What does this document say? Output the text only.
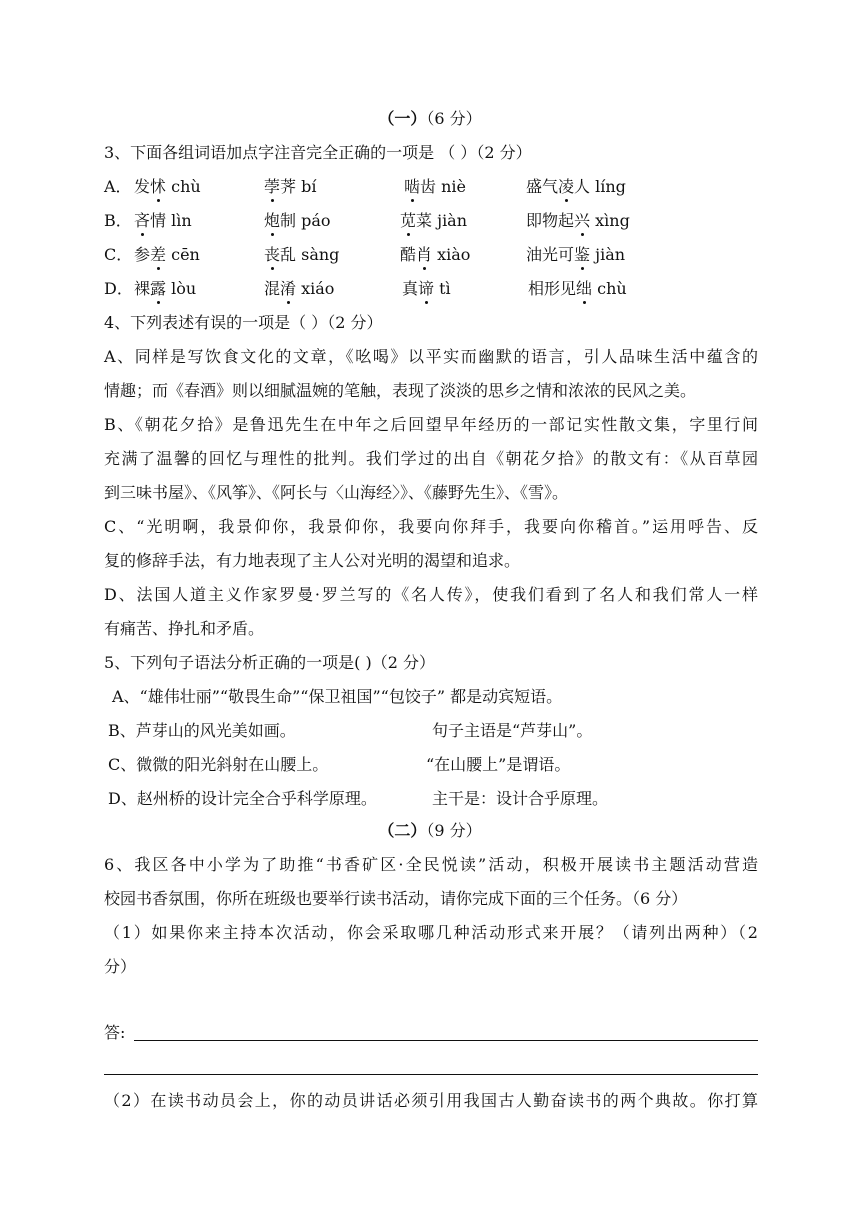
（一）（6 分）
3、下面各组词语加点字注音完全正确的一项是 （ ）（2 分）
A． 发怵 chù	荸荠 bí	啮齿 niè	盛气凌人 líng
B． 吝情 lìn	炮制 páo	苋菜 jiàn	即物起兴 xìng
C． 参差 cēn	丧乱 sàng	酷肖 xiào	油光可鉴 jiàn
D． 裸露 lòu	混淆 xiáo	真谛 tì	相形见绌 chù
4、下列表述有误的一项是（ ）（2 分）
A、同样是写饮食文化的文章，《吆喝》以平实而幽默的语言，引人品味生活中蕴含的
情趣；而《春酒》则以细腻温婉的笔触，表现了淡淡的思乡之情和浓浓的民风之美。
B、《朝花夕拾》是鲁迅先生在中年之后回望早年经历的一部记实性散文集，字里行间
充满了温馨的回忆与理性的批判。我们学过的出自《朝花夕拾》的散文有：《从百草园
到三味书屋》、《风筝》、《阿长与〈山海经〉》、《藤野先生》、《雪》。
C、“光明啊，我景仰你，我景仰你，我要向你拜手，我要向你稽首。”运用呼告、反
复的修辞手法，有力地表现了主人公对光明的渴望和追求。
D、法国人道主义作家罗曼·罗兰写的《名人传》，使我们看到了名人和我们常人一样
有痛苦、挣扎和矛盾。
5、下列句子语法分析正确的一项是( )（2 分）
A、“雄伟壮丽”“敬畏生命”“保卫祖国”“包饺子” 都是动宾短语。
B、芦芽山的风光美如画。	句子主语是“芦芽山”。
C、微微的阳光斜射在山腰上。	“在山腰上”是谓语。
D、赵州桥的设计完全合乎科学原理。	主干是：设计合乎原理。
（二）（9 分）
6、我区各中小学为了助推“书香矿区·全民悦读”活动，积极开展读书主题活动营造
校园书香氛围，你所在班级也要举行读书活动，请你完成下面的三个任务。（6 分）
（1）如果你来主持本次活动，你会采取哪几种活动形式来开展？（请列出两种）（2
分）
答:
（2）在读书动员会上，你的动员讲话必须引用我国古人勤奋读书的两个典故。你打算
